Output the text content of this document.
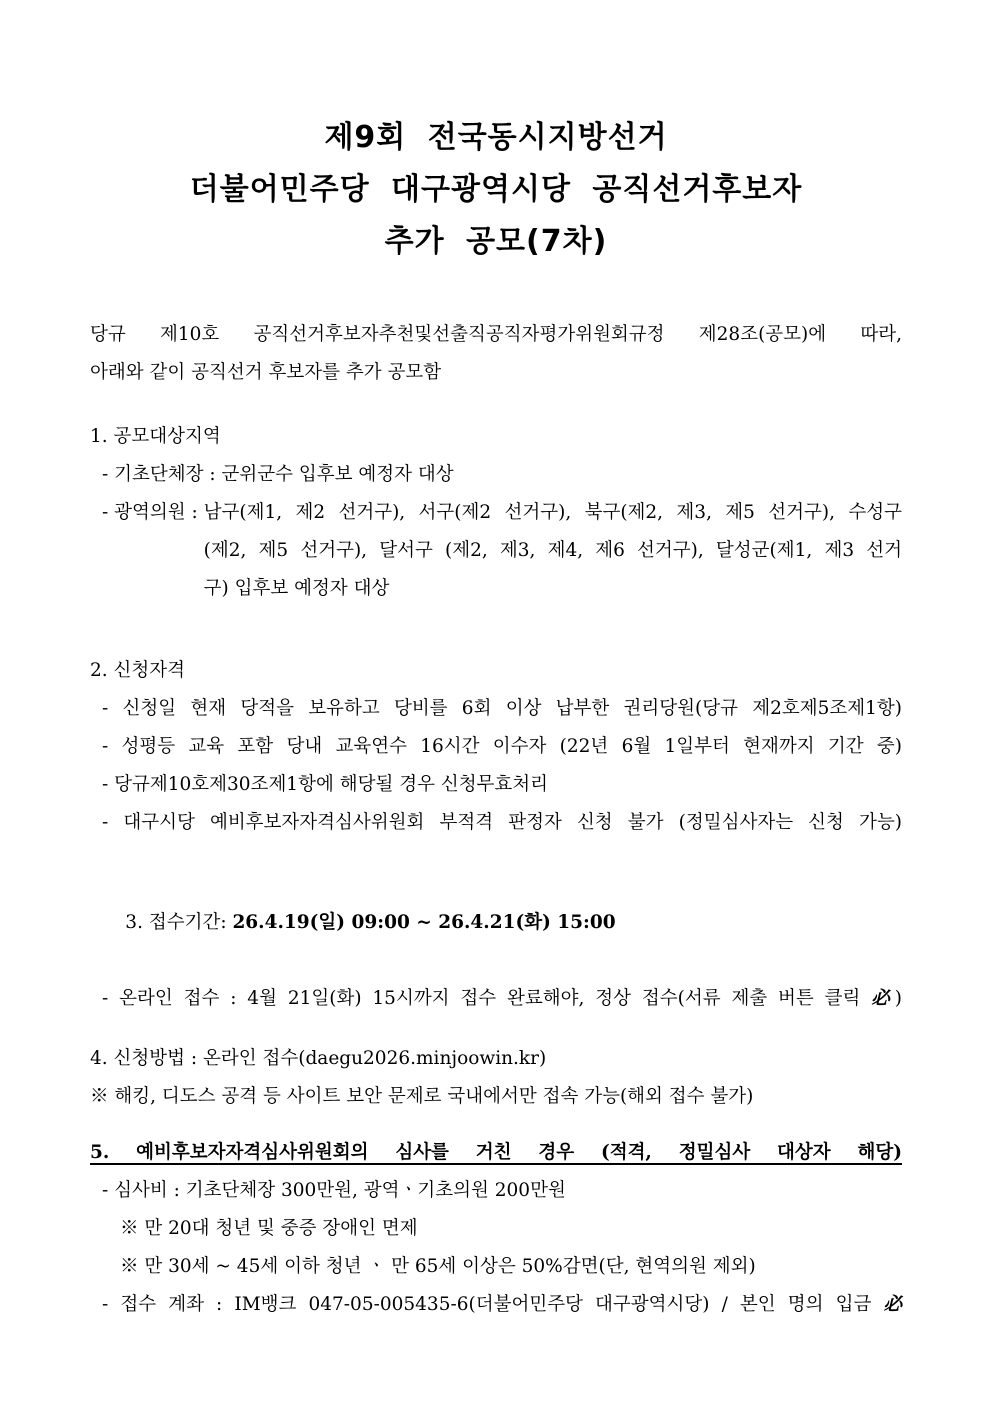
제9회 전국동시지방선거
더불어민주당 대구광역시당 공직선거후보자
추가 공모(7차)
당규 제10호 공직선거후보자추천및선출직공직자평가위원회규정 제28조(공모)에 따라,
아래와 같이 공직선거 후보자를 추가 공모함
1. 공모대상지역
- 기초단체장 : 군위군수 입후보 예정자 대상
- 광역의원 : 남구(제1, 제2 선거구), 서구(제2 선거구), 북구(제2, 제3, 제5 선거구), 수성구
(제2, 제5 선거구), 달서구 (제2, 제3, 제4, 제6 선거구), 달성군(제1, 제3 선거
구) 입후보 예정자 대상
2. 신청자격
- 신청일 현재 당적을 보유하고 당비를 6회 이상 납부한 권리당원(당규 제2호제5조제1항)
- 성평등 교육 포함 당내 교육연수 16시간 이수자 (22년 6월 1일부터 현재까지 기간 중)
- 당규제10호제30조제1항에 해당될 경우 신청무효처리
- 대구시당 예비후보자자격심사위원회 부적격 판정자 신청 불가 (정밀심사자는 신청 가능)

3. 접수기간: 26.4.19(일) 09:00 ~ 26.4.21(화) 15:00

- 온라인 접수 : 4월 21일(화) 15시까지 접수 완료해야, 정상 접수(서류 제출 버튼 클릭 必)
4. 신청방법 : 온라인 접수(daegu2026.minjoowin.kr)
※ 해킹, 디도스 공격 등 사이트 보안 문제로 국내에서만 접속 가능(해외 접수 불가)
5. 예비후보자자격심사위원회의 심사를 거친 경우 (적격, 정밀심사 대상자 해당)
- 심사비 : 기초단체장 300만원, 광역ㆍ기초의원 200만원
※ 만 20대 청년 및 중증 장애인 면제
※ 만 30세 ~ 45세 이하 청년 ㆍ 만 65세 이상은 50%감면(단, 현역의원 제외)
- 접수 계좌 : IM뱅크 047-05-005435-6(더불어민주당 대구광역시당) / 본인 명의 입금 必
